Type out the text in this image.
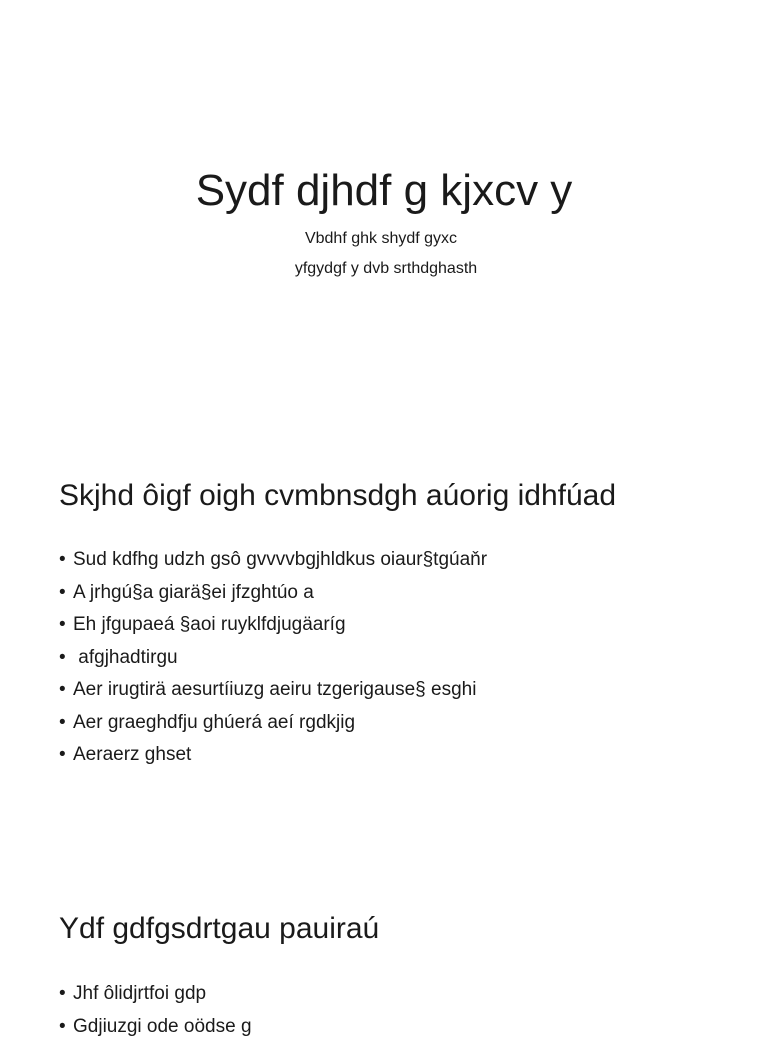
Sydf djhdf g kjxcv y

Vbdhf ghk shydf gyxc

yfgydgf y dvb srthdghasth

Skjhd ôigf oigh cvmbnsdgh aúorig idhfúad
• Sud kdfhg udzh gsô gvvvvbgjhldkus oiaur§tgúaňr
• A jrhgú§a giarä§ei jfzghtúo a
• Eh jfgupaeá §aoi ruyklfdjugäaríg
•  afgjhadtirgu
• Aer irugtirä aesurtíiuzg aeiru tzgerigause§ esghi
• Aer graeghdfju ghúerá aeí rgdkjig
• Aeraerz ghset
Ydf gdfgsdrtgau pauiraú
• Jhf ôlidjrtfoi gdp
• Gdjiuzgi ode oödse g
